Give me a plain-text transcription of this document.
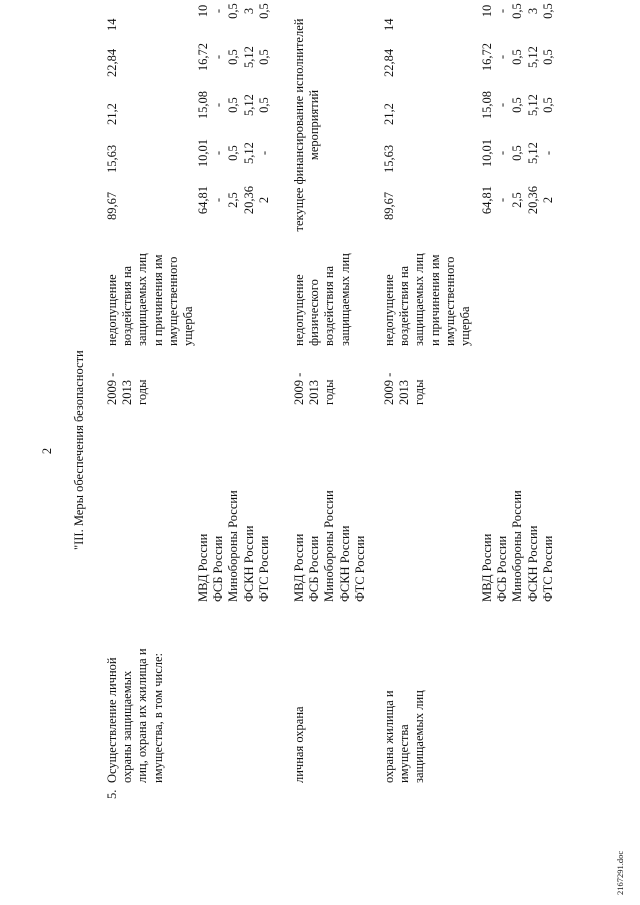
2 "III. Меры обеспечения безопасности
2167291.doc
5.
Осуществление личной охраны защищаемых лиц, охрана их жилища и имущества, в том числе:
МВД России ФСБ России Минобороны России ФСКН России ФТС России
2009 - 2013 годы
недопущение воздействия на защищаемых лиц и причинения им имущественного ущерба
89,67
15,63
21,2
22,84
14
64,81 - 2,5 20,36 2
10,01 - 0,5 5,12 -
15,08 - 0,5 5,12 0,5
16,72 - 0,5 5,12 0,5
10 - 0,5 3 0,5
личная охрана
МВД России ФСБ России Минобороны России ФСКН России ФТС России
2009 - 2013 годы
недопущение физического воздействия на защищаемых лиц
текущее финансирование исполнителей мероприятий
охрана жилища и имущества защищаемых лиц
МВД России ФСБ России Минобороны России ФСКН России ФТС России
2009 - 2013 годы
недопущение воздействия на защищаемых лиц и причинения им имущественного ущерба
89,67
15,63
21,2
22,84
14
64,81 - 2,5 20,36 2
10,01 - 0,5 5,12 -
15,08 - 0,5 5,12 0,5
16,72 - 0,5 5,12 0,5
10 - 0,5 3 0,5
